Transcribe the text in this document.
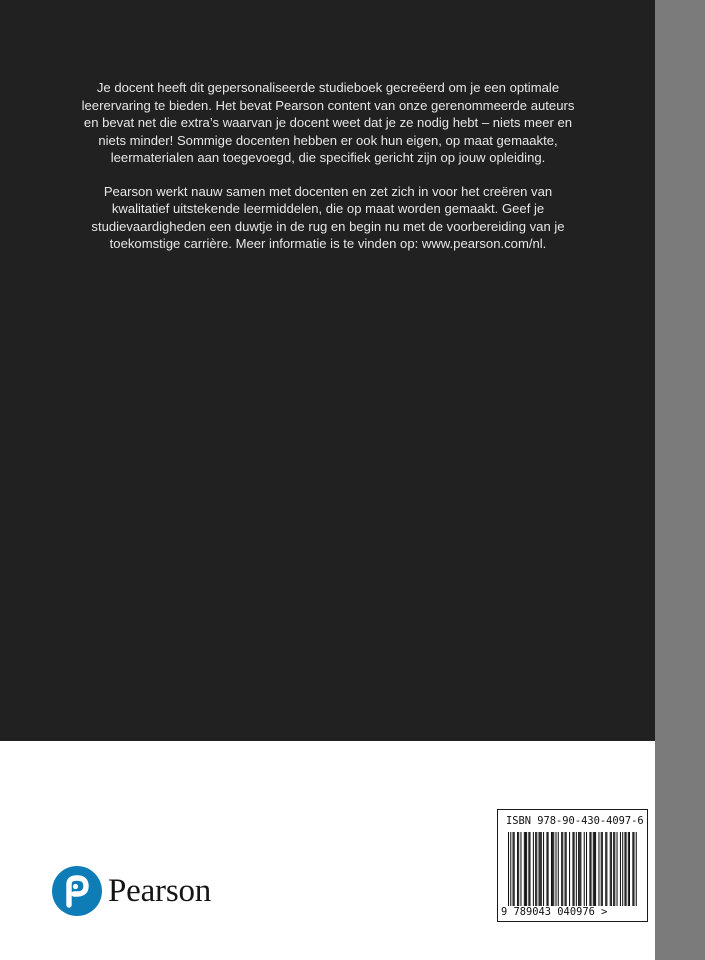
Je docent heeft dit gepersonaliseerde studieboek gecreëerd om je een optimale leerervaring te bieden. Het bevat Pearson content van onze gerenommeerde auteurs en bevat net die extra’s waarvan je docent weet dat je ze nodig hebt – niets meer en niets minder! Sommige docenten hebben er ook hun eigen, op maat gemaakte, leermaterialen aan toegevoegd, die specifiek gericht zijn op jouw opleiding.

Pearson werkt nauw samen met docenten en zet zich in voor het creëren van kwalitatief uitstekende leermiddelen, die op maat worden gemaakt. Geef je studievaardigheden een duwtje in de rug en begin nu met de voorbereiding van je toekomstige carrière. Meer informatie is te vinden op: www.pearson.com/nl.

Pearson
ISBN 978-90-430-4097-6
9 789043 040976 >
